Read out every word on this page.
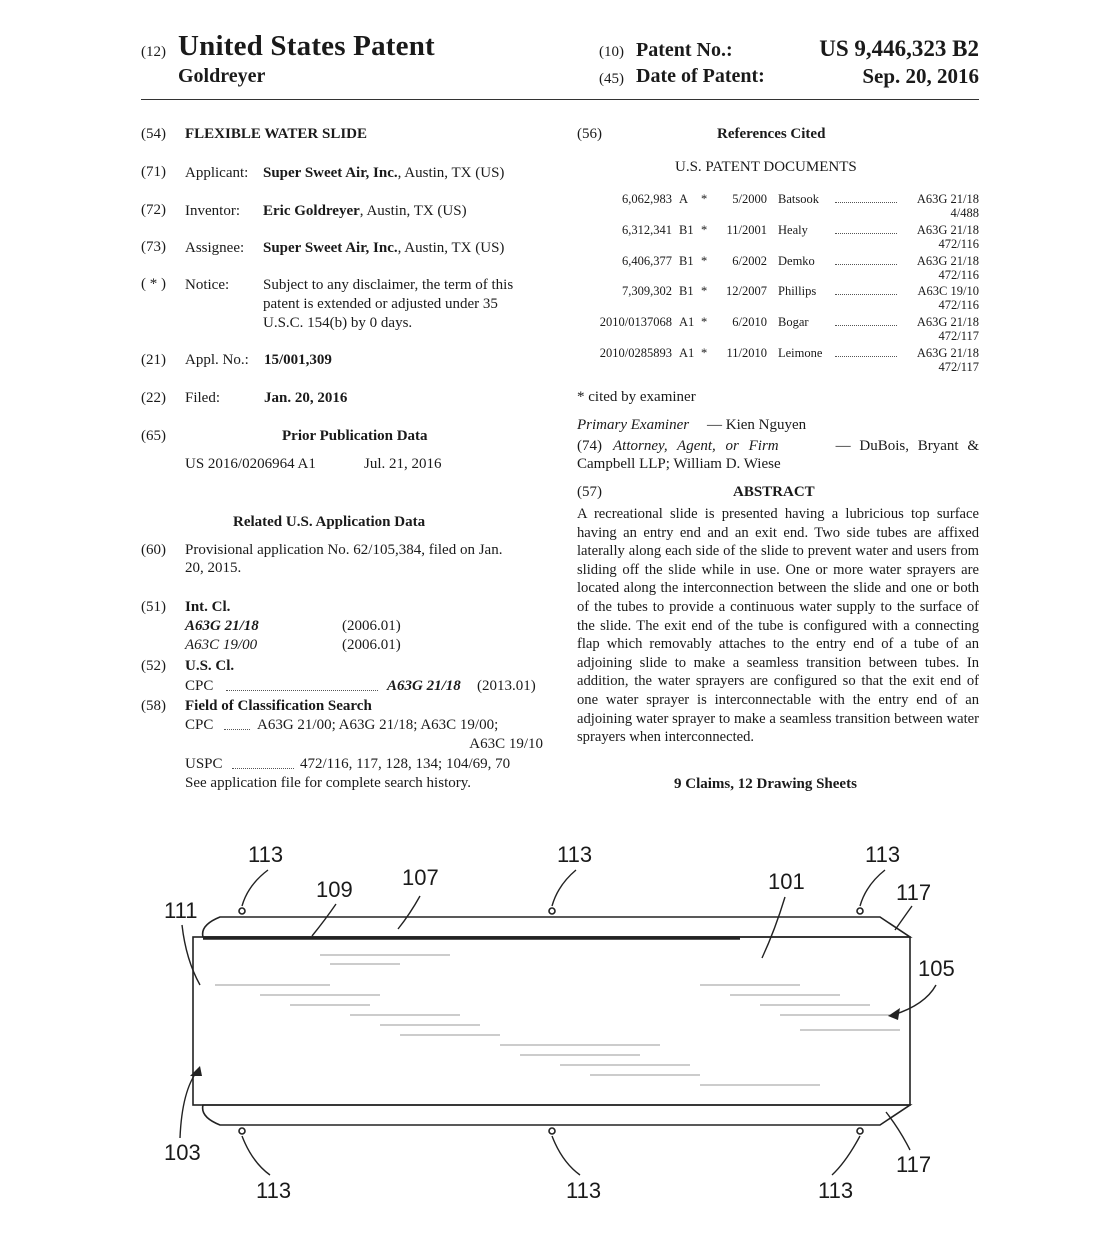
(12) United States Patent
Goldreyer
(10) Patent No.:	US 9,446,323 B2
(45) Date of Patent:	Sep. 20, 2016
(54) FLEXIBLE WATER SLIDE
(71) Applicant: Super Sweet Air, Inc., Austin, TX (US)
(72) Inventor: Eric Goldreyer, Austin, TX (US)
(73) Assignee: Super Sweet Air, Inc., Austin, TX (US)
( * ) Notice: Subject to any disclaimer, the term of this
patent is extended or adjusted under 35
U.S.C. 154(b) by 0 days.
(21) Appl. No.: 15/001,309
(22) Filed:	Jan. 20, 2016
(65)	Prior Publication Data
US 2016/0206964 A1	Jul. 21, 2016
Related U.S. Application Data
(60) Provisional application No. 62/105,384, filed on Jan.
20, 2015.
(51) Int. Cl.
A63G 21/18	(2006.01)
A63C 19/00	(2006.01)
(52) U.S. Cl.
CPC	A63G 21/18 (2013.01)
(58) Field of Classification Search
CPC	A63G 21/00; A63G 21/18; A63C 19/00;
A63C 19/10
USPC	472/116, 117, 128, 134; 104/69, 70
See application file for complete search history.
(56)	References Cited
U.S. PATENT DOCUMENTS
6,062,983 A * 5/2000 Batsook	A63G 21/18
4/488
6,312,341 B1 * 11/2001 Healy	A63G 21/18
472/116
6,406,377 B1 * 6/2002 Demko	A63G 21/18
472/116
7,309,302 B1 * 12/2007 Phillips	A63C 19/10
472/116
2010/0137068 A1 * 6/2010 Bogar	A63G 21/18
472/117
2010/0285893 A1 * 11/2010 Leimone	A63G 21/18
472/117
* cited by examiner
Primary Examiner — Kien Nguyen
(74) Attorney, Agent, or Firm	— DuBois, Bryant &
Campbell LLP; William D. Wiese
(57)	ABSTRACT
A recreational slide is presented having a lubricious top surface having an entry end and an exit end. Two side tubes are affixed laterally along each side of the slide to prevent water and users from sliding off the slide while in use. One or more water sprayers are located along the interconnection between the slide and one or both of the tubes to provide a continuous water supply to the surface of the slide. The exit end of the tube is configured with a connecting flap which removably attaches to the entry end of a tube of an adjoining slide to make a seamless transition between tubes. In addition, the water sprayers are configured so that the exit end of one water sprayer is interconnectable with the entry end of an adjoining water sprayer to make a seamless transition between water sprayers when interconnected.
9 Claims, 12 Drawing Sheets
113	113	113
109 107	101	117
111
105
103
113	113	113
117
